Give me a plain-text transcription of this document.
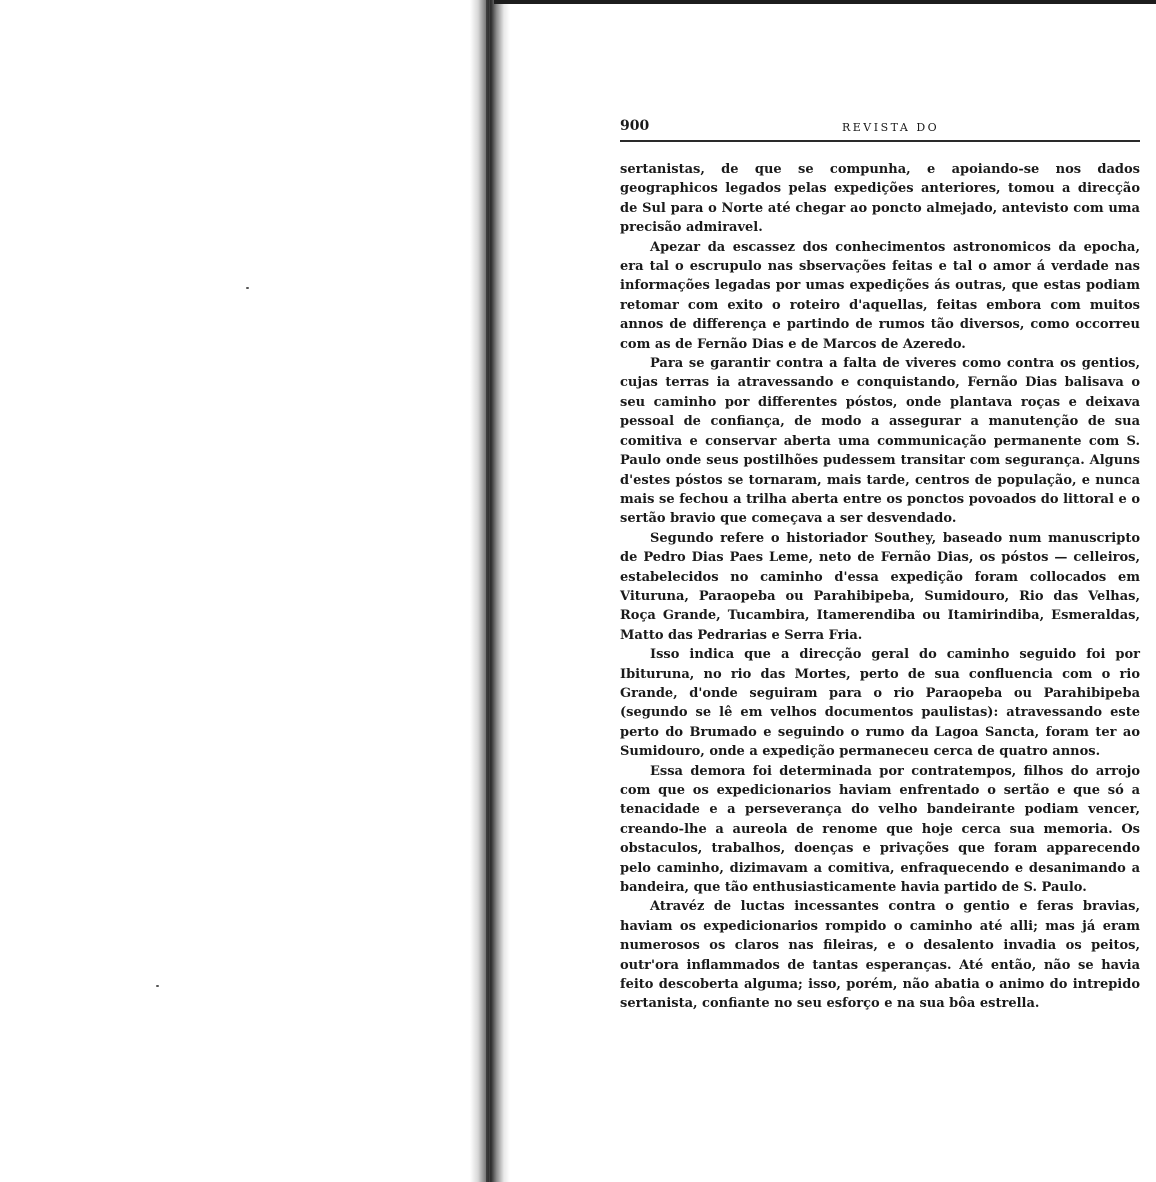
900	REVISTA DO

sertanistas, de que se compunha, e apoiando-se nos dados geographicos legados pelas expedições anteriores, tomou a direcção de Sul para o Norte até chegar ao poncto almejado, antevisto com uma precisão admiravel.

Apezar da escassez dos conhecimentos astronomicos da epocha, era tal o escrupulo nas sbservações feitas e tal o amor á verdade nas informações legadas por umas expedições ás outras, que estas podiam retomar com exito o roteiro d'aquellas, feitas embora com muitos annos de differença e partindo de rumos tão diversos, como occorreu com as de Fernão Dias e de Marcos de Azeredo.

Para se garantir contra a falta de viveres como contra os gentios, cujas terras ia atravessando e conquistando, Fernão Dias balisava o seu caminho por differentes póstos, onde plantava roças e deixava pessoal de confiança, de modo a assegurar a manutenção de sua comitiva e conservar aberta uma communicação permanente com S. Paulo onde seus postilhões pudessem transitar com segurança. Alguns d'estes póstos se tornaram, mais tarde, centros de população, e nunca mais se fechou a trilha aberta entre os ponctos povoados do littoral e o sertão bravio que começava a ser desvendado.

Segundo refere o historiador Southey, baseado num manuscripto de Pedro Dias Paes Leme, neto de Fernão Dias, os póstos — celleiros, estabelecidos no caminho d'essa expedição foram collocados em Vituruna, Paraopeba ou Parahibipeba, Sumidouro, Rio das Velhas, Roça Grande, Tucambira, Itamerendiba ou Itamirindiba, Esmeraldas, Matto das Pedrarias e Serra Fria.

Isso indica que a direcção geral do caminho seguido foi por Ibituruna, no rio das Mortes, perto de sua confluencia com o rio Grande, d'onde seguiram para o rio Paraopeba ou Parahibipeba (segundo se lê em velhos documentos paulistas): atravessando este perto do Brumado e seguindo o rumo da Lagoa Sancta, foram ter ao Sumidouro, onde a expedição permaneceu cerca de quatro annos.

Essa demora foi determinada por contratempos, filhos do arrojo com que os expedicionarios haviam enfrentado o sertão e que só a tenacidade e a perseverança do velho bandeirante podiam vencer, creando-lhe a aureola de renome que hoje cerca sua memoria. Os obstaculos, trabalhos, doenças e privações que foram apparecendo pelo caminho, dizimavam a comitiva, enfraquecendo e desanimando a bandeira, que tão enthusiasticamente havia partido de S. Paulo.

Atravéz de luctas incessantes contra o gentio e feras bravias, haviam os expedicionarios rompido o caminho até alli; mas já eram numerosos os claros nas fileiras, e o desalento invadia os peitos, outr'ora inflammados de tantas esperanças. Até então, não se havia feito descoberta alguma; isso, porém, não abatia o animo do intrepido sertanista, confiante no seu esforço e na sua bôa estrella.
